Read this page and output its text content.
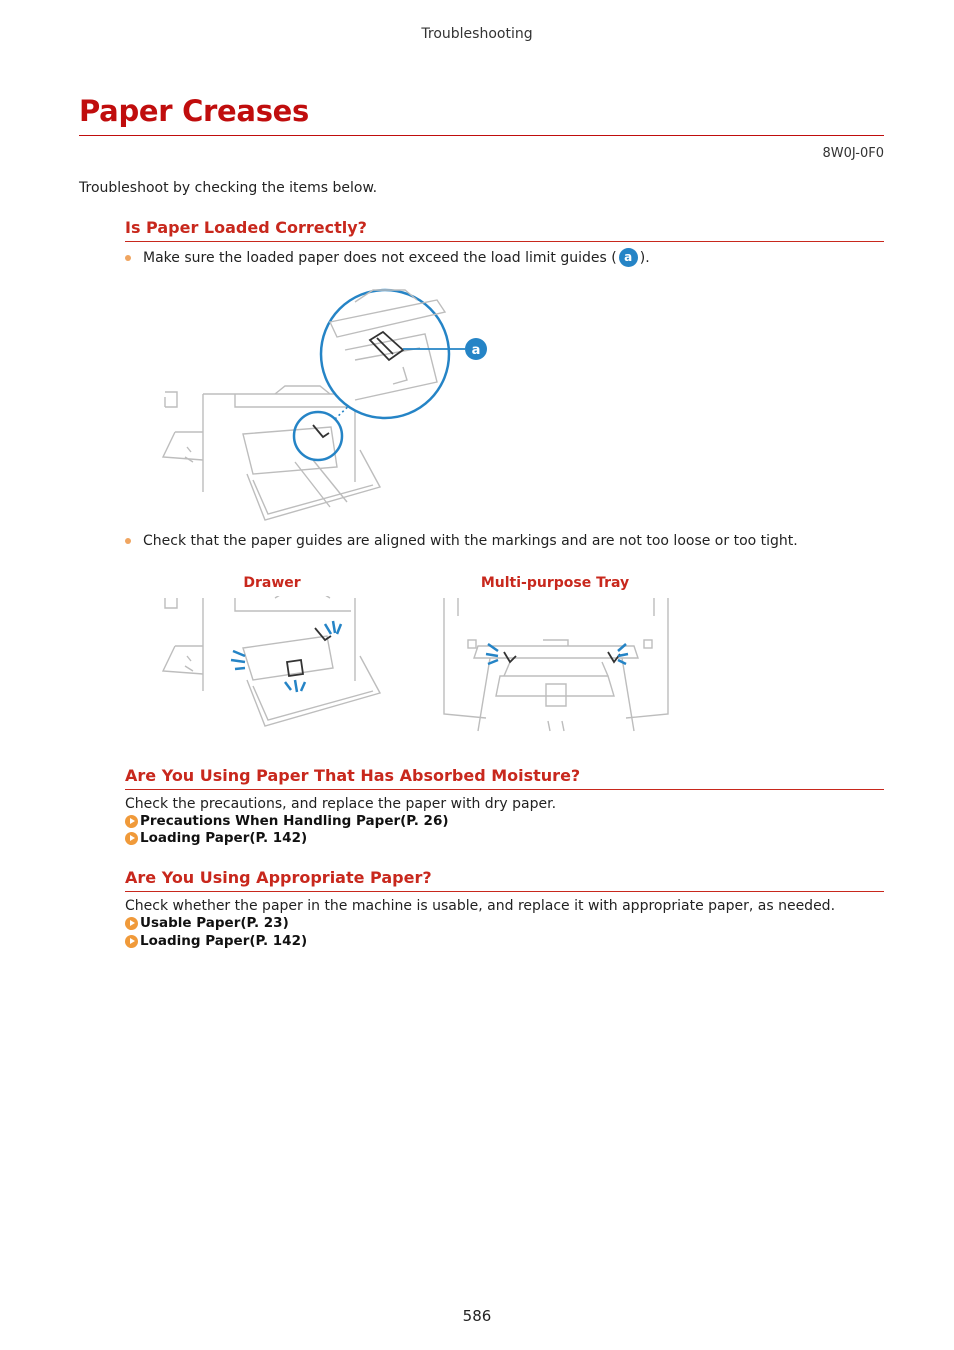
Troubleshooting
Paper Creases
8W0J-0F0
Troubleshoot by checking the items below.
Is Paper Loaded Correctly?
Make sure the loaded paper does not exceed the load limit guides ( a ).
a
Check that the paper guides are aligned with the markings and are not too loose or too tight.
Drawer	Multi-purpose Tray
Are You Using Paper That Has Absorbed Moisture?
Check the precautions, and replace the paper with dry paper.
Precautions When Handling Paper(P. 26)
Loading Paper(P. 142)
Are You Using Appropriate Paper?
Check whether the paper in the machine is usable, and replace it with appropriate paper, as needed.
Usable Paper(P. 23)
Loading Paper(P. 142)
586
